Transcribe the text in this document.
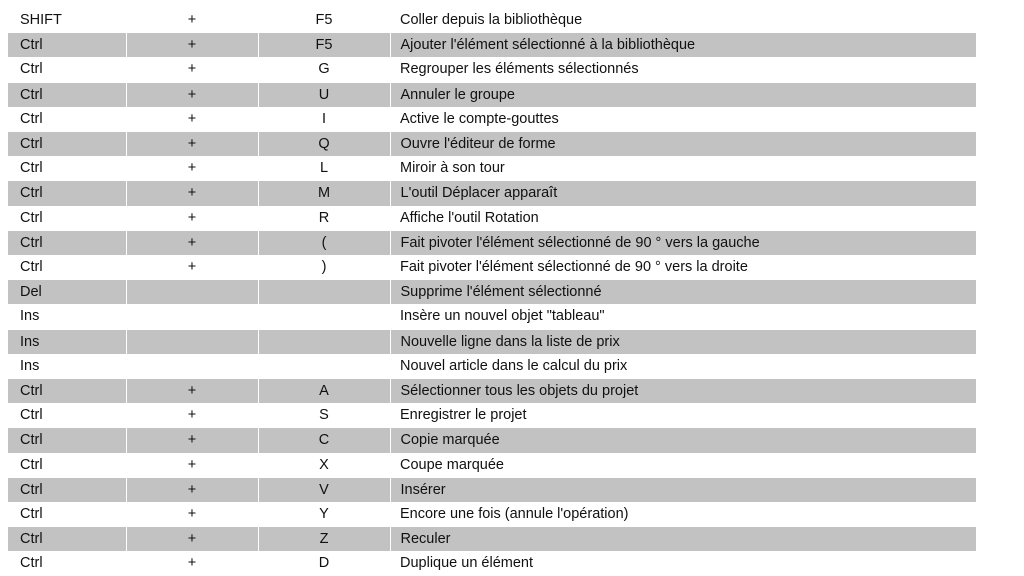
SHIFT	+	F5	Coller depuis la bibliothèque
Ctrl	+	F5	Ajouter l'élément sélectionné à la bibliothèque
Ctrl	+	G	Regrouper les éléments sélectionnés
Ctrl	+	U	Annuler le groupe
Ctrl	+	I	Active le compte-gouttes
Ctrl	+	Q	Ouvre l'éditeur de forme
Ctrl	+	L	Miroir à son tour
Ctrl	+	M	L'outil Déplacer apparaît
Ctrl	+	R	Affiche l'outil Rotation
Ctrl	+	(	Fait pivoter l'élément sélectionné de 90 ° vers la gauche
Ctrl	+	)	Fait pivoter l'élément sélectionné de 90 ° vers la droite
Del			Supprime l'élément sélectionné
Ins			Insère un nouvel objet "tableau"
Ins			Nouvelle ligne dans la liste de prix
Ins			Nouvel article dans le calcul du prix
Ctrl	+	A	Sélectionner tous les objets du projet
Ctrl	+	S	Enregistrer le projet
Ctrl	+	C	Copie marquée
Ctrl	+	X	Coupe marquée
Ctrl	+	V	Insérer
Ctrl	+	Y	Encore une fois (annule l'opération)
Ctrl	+	Z	Reculer
Ctrl	+	D	Duplique un élément
